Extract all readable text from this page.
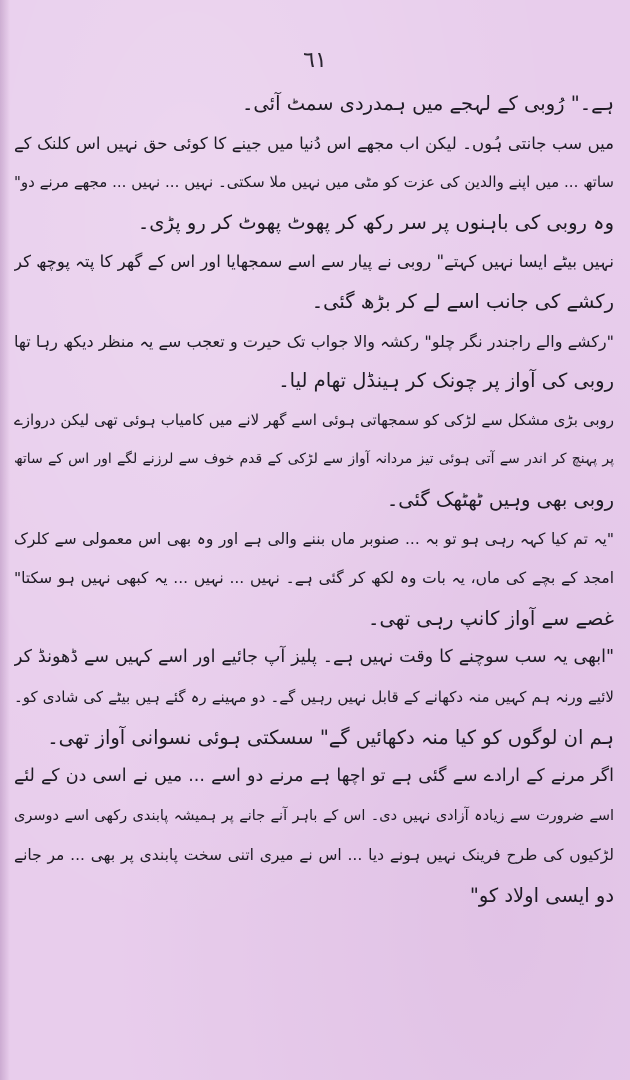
٦١
ہے۔" رُوبی کے لہجے میں ہمدردی سمٹ آئی۔
میں سب جانتی ہُوں۔ لیکن اب مجھے اس دُنیا میں جینے کا کوئی حق نہیں اس کلنک کے
ساتھ ... میں اپنے والدین کی عزت کو مٹی میں نہیں ملا سکتی۔ نہیں ... نہیں ... مجھے مرنے دو"
وہ روبی کی باہنوں پر سر رکھ کر پھوٹ پھوٹ کر رو پڑی۔
نہیں بیٹے ایسا نہیں کہتے" روبی نے پیار سے اسے سمجھایا اور اس کے گھر کا پتہ پوچھ کر
رکشے کی جانب اسے لے کر بڑھ گئی۔
"رکشے والے راجندر نگر چلو" رکشہ والا جواب تک حیرت و تعجب سے یہ منظر دیکھ رہا تھا
روبی کی آواز پر چونک کر ہینڈل تھام لیا۔
روبی بڑی مشکل سے لڑکی کو سمجھاتی ہوئی اسے گھر لانے میں کامیاب ہوئی تھی لیکن دروازے
پر پہنچ کر اندر سے آتی ہوئی تیز مردانہ آواز سے لڑکی کے قدم خوف سے لرزنے لگے اور اس کے ساتھ
روبی بھی وہیں ٹھٹھک گئی۔
"یہ تم کیا کہہ رہی ہو تو بہ ... صنوبر ماں بننے والی ہے اور وہ بھی اس معمولی سے کلرک
امجد کے بچے کی ماں، یہ بات وہ لکھ کر گئی ہے۔ نہیں ... نہیں ... یہ کبھی نہیں ہو سکتا"
غصے سے آواز کانپ رہی تھی۔
"ابھی یہ سب سوچنے کا وقت نہیں ہے۔ پلیز آپ جائیے اور اسے کہیں سے ڈھونڈ کر
لائیے ورنہ ہم کہیں منہ دکھانے کے قابل نہیں رہیں گے۔ دو مہینے رہ گئے ہیں بیٹے کی شادی کو۔
ہم ان لوگوں کو کیا منہ دکھائیں گے" سسکتی ہوئی نسوانی آواز تھی۔
اگر مرنے کے ارادے سے گئی ہے تو اچھا ہے مرنے دو اسے ... میں نے اسی دن کے لئے
اسے ضرورت سے زیادہ آزادی نہیں دی۔ اس کے باہر آنے جانے پر ہمیشہ پابندی رکھی اسے دوسری
لڑکیوں کی طرح فرینک نہیں ہونے دیا ... اس نے میری اتنی سخت پابندی پر بھی ... مر جانے
دو ایسی اولاد کو"
